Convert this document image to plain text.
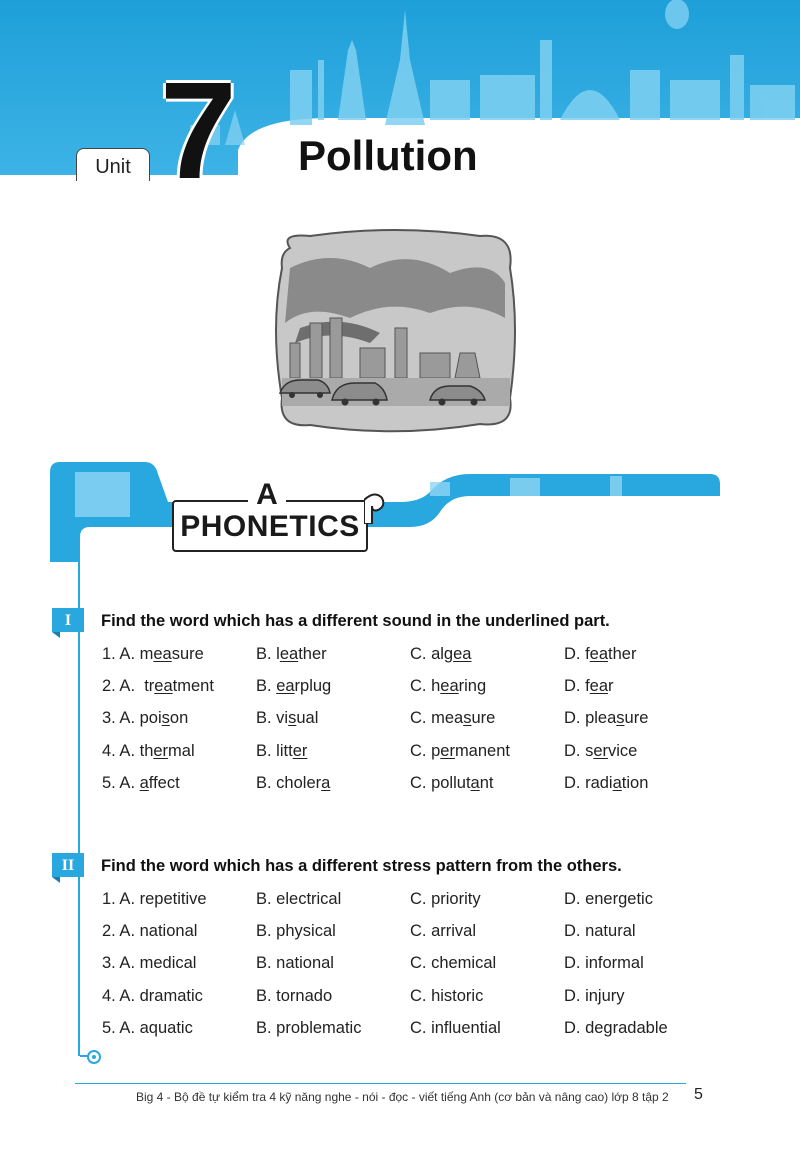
Unit 7 Pollution
PHONETICS
A
I	Find the word which has a different sound in the underlined part.
1. A. measure	B. leather	C. algea	D. feather
2. A.  treatment	B. earplug	C. hearing	D. fear
3. A. poison	B. visual	C. measure	D. pleasure
4. A. thermal	B. litter	C. permanent	D. service
5. A. affect	B. cholera	C. pollutant	D. radiation
II	Find the word which has a different stress pattern from the others.
1. A. repetitive	B. electrical	C. priority	D. energetic
2. A. national	B. physical	C. arrival	D. natural
3. A. medical	B. national	C. chemical	D. informal
4. A. dramatic	B. tornado	C. historic	D. injury
5. A. aquatic	B. problematic	C. influential	D. degradable
Big 4 - Bộ đề tự kiểm tra 4 kỹ năng nghe - nói - đọc - viết tiếng Anh (cơ bản và nâng cao) lớp 8 tập 2 5
